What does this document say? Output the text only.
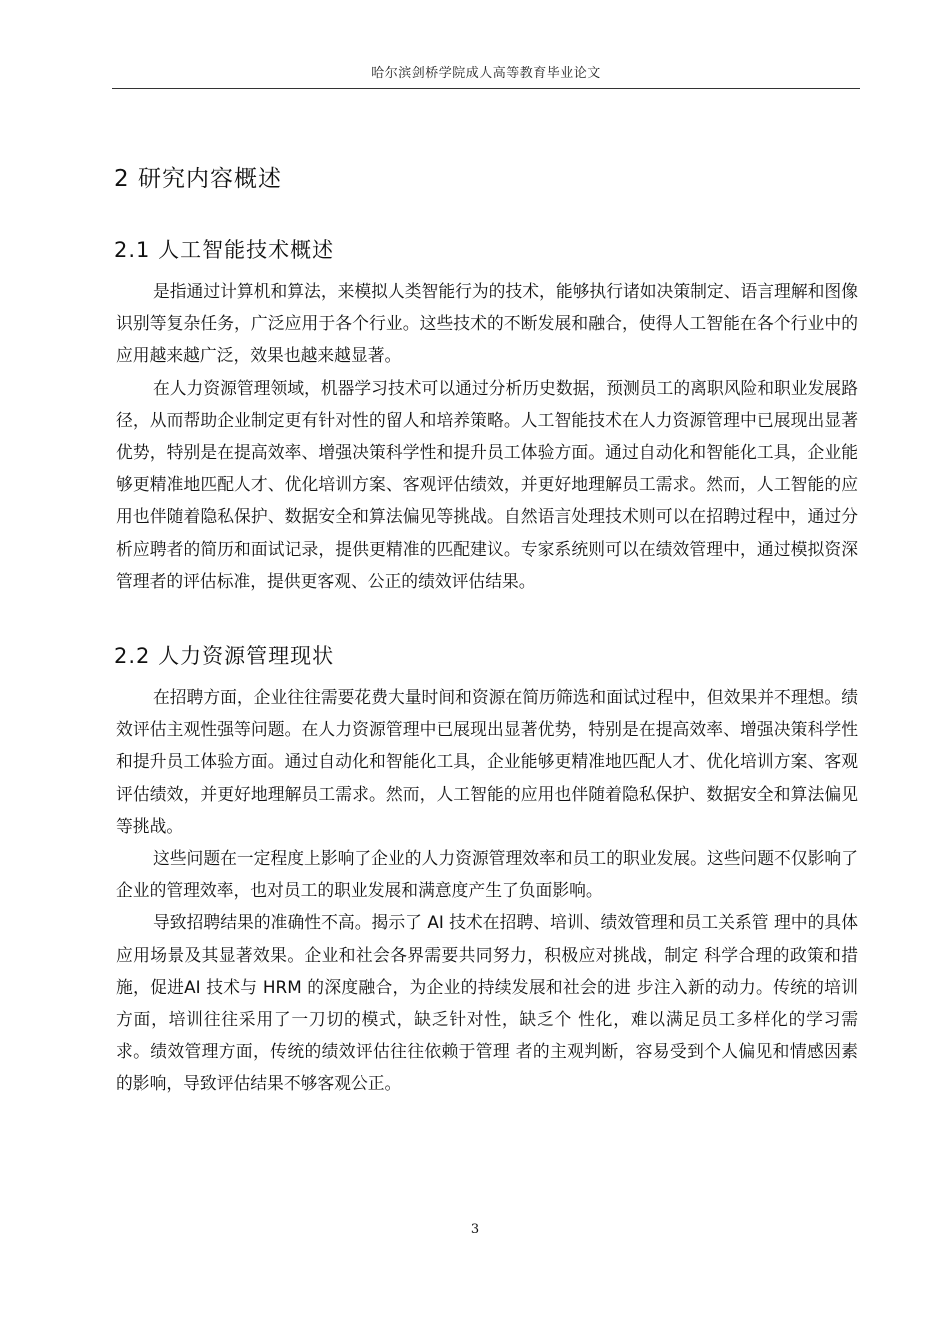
哈尔滨剑桥学院成人高等教育毕业论文
2 研究内容概述
2.1 人工智能技术概述

是指通过计算机和算法，来模拟人类智能行为的技术，能够执行诸如决策制定、语言理解和图像识别等复杂任务，广泛应用于各个行业。这些技术的不断发展和融合，使得人工智能在各个行业中的应用越来越广泛，效果也越来越显著。

在人力资源管理领域，机器学习技术可以通过分析历史数据，预测员工的离职风险和职业发展路径，从而帮助企业制定更有针对性的留人和培养策略。人工智能技术在人力资源管理中已展现出显著优势，特别是在提高效率、增强决策科学性和提升员工体验方面。通过自动化和智能化工具，企业能够更精准地匹配人才、优化培训方案、客观评估绩效，并更好地理解员工需求。然而，人工智能的应用也伴随着隐私保护、数据安全和算法偏见等挑战。自然语言处理技术则可以在招聘过程中，通过分析应聘者的简历和面试记录，提供更精准的匹配建议。专家系统则可以在绩效管理中，通过模拟资深管理者的评估标准，提供更客观、公正的绩效评估结果。

2.2 人力资源管理现状

在招聘方面，企业往往需要花费大量时间和资源在简历筛选和面试过程中，但效果并不理想。绩效评估主观性强等问题。在人力资源管理中已展现出显著优势，特别是在提高效率、增强决策科学性和提升员工体验方面。通过自动化和智能化工具，企业能够更精准地匹配人才、优化培训方案、客观评估绩效，并更好地理解员工需求。然而，人工智能的应用也伴随着隐私保护、数据安全和算法偏见等挑战。

这些问题在一定程度上影响了企业的人力资源管理效率和员工的职业发展。这些问题不仅影响了企业的管理效率，也对员工的职业发展和满意度产生了负面影响。

导致招聘结果的准确性不高。揭示了 AI 技术在招聘、培训、绩效管理和员工关系管 理中的具体应用场景及其显著效果。企业和社会各界需要共同努力，积极应对挑战，制定 科学合理的政策和措施，促进AI 技术与 HRM 的深度融合，为企业的持续发展和社会的进 步注入新的动力。传统的培训方面，培训往往采用了一刀切的模式，缺乏针对性，缺乏个 性化，难以满足员工多样化的学习需求。绩效管理方面，传统的绩效评估往往依赖于管理 者的主观判断，容易受到个人偏见和情感因素的影响，导致评估结果不够客观公正。

3
